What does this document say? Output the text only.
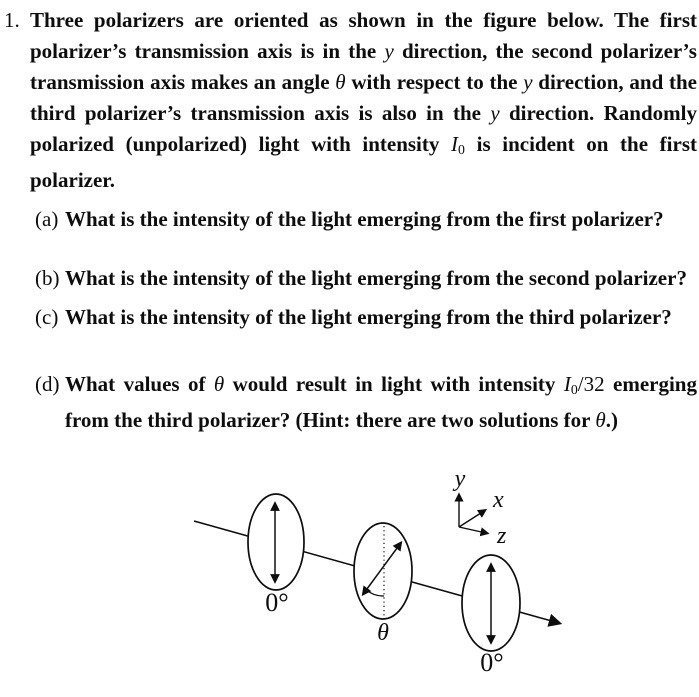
1. Three polarizers are oriented as shown in the figure below. The first polarizer’s transmission axis is in the y direction, the second polarizer’s transmission axis makes an angle θ with respect to the y direction, and the third polarizer’s transmission axis is also in the y direction. Randomly polarized (unpolarized) light with intensity $I_0$ is incident on the first polarizer.

(a) What is the intensity of the light emerging from the first polarizer?

(b) What is the intensity of the light emerging from the second polarizer?

(c) What is the intensity of the light emerging from the third polarizer?

(d) What values of θ would result in light with intensity $I_0/32$ emerging from the third polarizer? (Hint: there are two solutions for θ.)

0°
θ
0°
y
x
z
